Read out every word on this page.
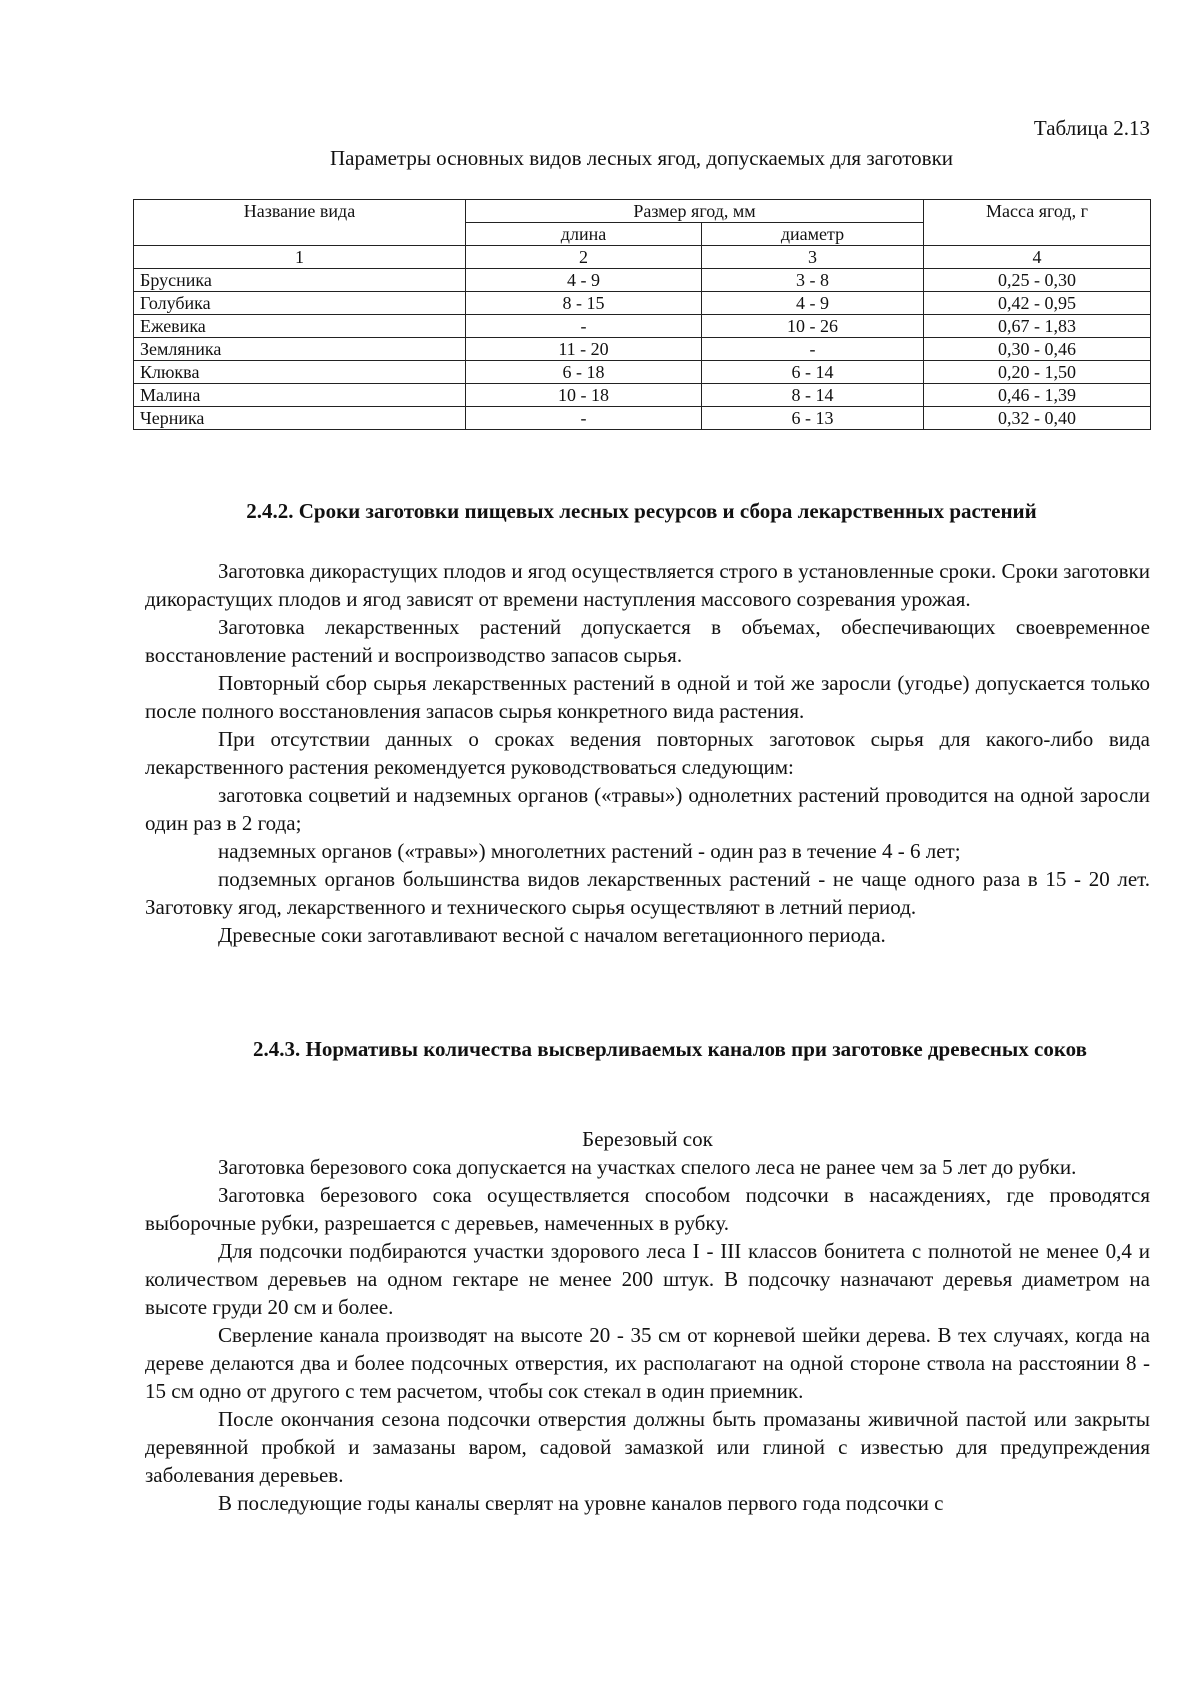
Таблица 2.13
Параметры основных видов лесных ягод, допускаемых для заготовки
Название вида	Размер ягод, мм		Масса ягод, г
	длина	диаметр	
1	2	3	4
Брусника	4 - 9	3 - 8	0,25 - 0,30
Голубика	8 - 15	4 - 9	0,42 - 0,95
Ежевика	-	10 - 26	0,67 - 1,83
Земляника	11 - 20	-	0,30 - 0,46
Клюква	6 - 18	6 - 14	0,20 - 1,50
Малина	10 - 18	8 - 14	0,46 - 1,39
Черника	-	6 - 13	0,32 - 0,40
2.4.2. Сроки заготовки пищевых лесных ресурсов и сбора лекарственных растений

Заготовка дикорастущих плодов и ягод осуществляется строго в установленные сроки. Сроки заготовки дикорастущих плодов и ягод зависят от времени наступления массового созревания урожая.

Заготовка лекарственных растений допускается в объемах, обеспечивающих своевременное восстановление растений и воспроизводство запасов сырья.

Повторный сбор сырья лекарственных растений в одной и той же заросли (угодье) допускается только после полного восстановления запасов сырья конкретного вида растения.

При отсутствии данных о сроках ведения повторных заготовок сырья для какого-либо вида лекарственного растения рекомендуется руководствоваться следующим:

заготовка соцветий и надземных органов («травы») однолетних растений проводится на одной заросли один раз в 2 года;

надземных органов («травы») многолетних растений - один раз в течение 4 - 6 лет;

подземных органов большинства видов лекарственных растений - не чаще одного раза в 15 - 20 лет. Заготовку ягод, лекарственного и технического сырья осуществляют в летний период.

Древесные соки заготавливают весной с началом вегетационного периода.

2.4.3. Нормативы количества высверливаемых каналов при заготовке древесных соков

Березовый сок

Заготовка березового сока допускается на участках спелого леса не ранее чем за 5 лет до рубки.

Заготовка березового сока осуществляется способом подсочки в насаждениях, где проводятся выборочные рубки, разрешается с деревьев, намеченных в рубку.

Для подсочки подбираются участки здорового леса I - III классов бонитета с полнотой не менее 0,4 и количеством деревьев на одном гектаре не менее 200 штук. В подсочку назначают деревья диаметром на высоте груди 20 см и более.

Сверление канала производят на высоте 20 - 35 см от корневой шейки дерева. В тех случаях, когда на дереве делаются два и более подсочных отверстия, их располагают на одной стороне ствола на расстоянии 8 - 15 см одно от другого с тем расчетом, чтобы сок стекал в один приемник.

После окончания сезона подсочки отверстия должны быть промазаны живичной пастой или закрыты деревянной пробкой и замазаны варом, садовой замазкой или глиной с известью для предупреждения заболевания деревьев.

В последующие годы каналы сверлят на уровне каналов первого года подсочки с
